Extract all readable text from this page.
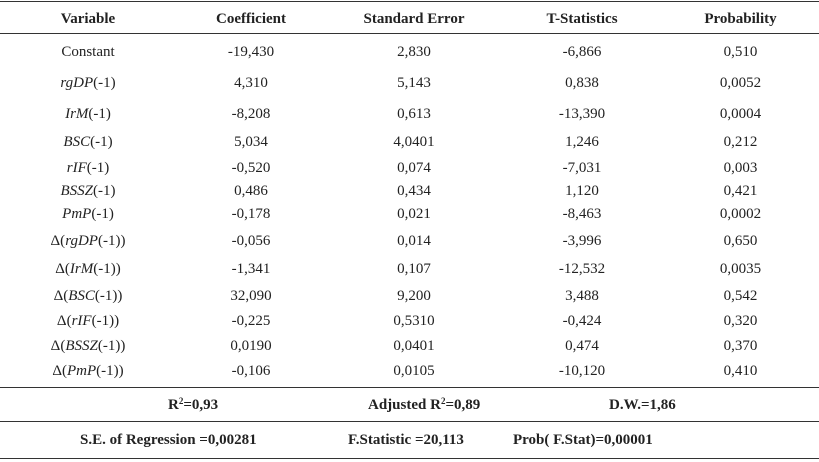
Variable	Coefficient	Standard Error	T-Statistics	Probability
Constant	-19,430	2,830	-6,866	0,510
rgDP(-1)	4,310	5,143	0,838	0,0052
IrM(-1)	-8,208	0,613	-13,390	0,0004
BSC(-1)	5,034	4,0401	1,246	0,212
rIF(-1)	-0,520	0,074	-7,031	0,003
BSSZ(-1)	0,486	0,434	1,120	0,421
PmP(-1)	-0,178	0,021	-8,463	0,0002
Δ(rgDP(-1))	-0,056	0,014	-3,996	0,650
Δ(IrM(-1))	-1,341	0,107	-12,532	0,0035
Δ(BSC(-1))	32,090	9,200	3,488	0,542
Δ(rIF(-1))	-0,225	0,5310	-0,424	0,320
Δ(BSSZ(-1))	0,0190	0,0401	0,474	0,370
Δ(PmP(-1))	-0,106	0,0105	-10,120	0,410
$R^2=0,93$	Adjusted $R^2=0,89$	D.W.=1,86
S.E. of Regression =0,00281	F.Statistic =20,113	Prob( F.Stat)=0,00001
